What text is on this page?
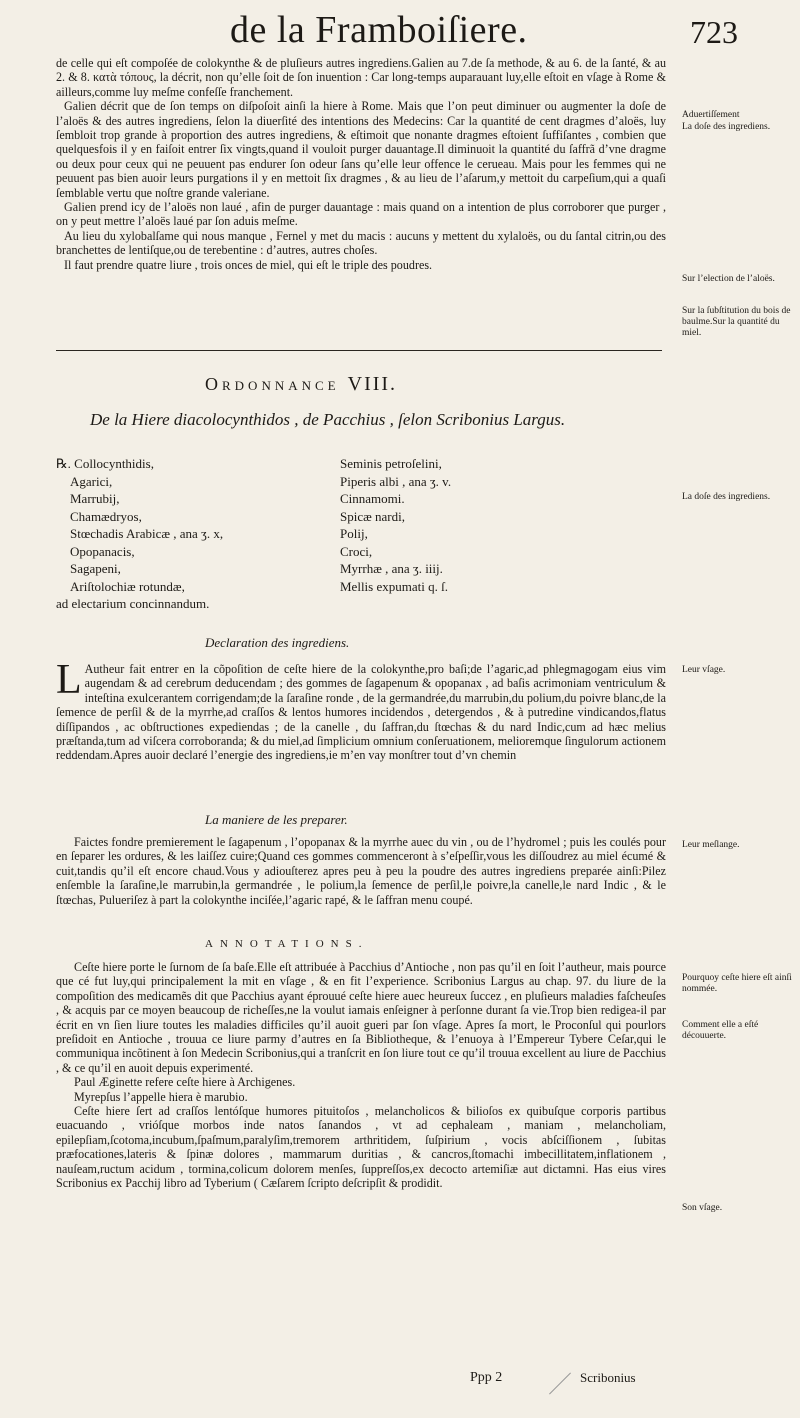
de la Framboiſiere.	723

de celle qui eſt compoſée de colokynthe & de pluſieurs autres ingrediens.Galien au 7.de ſa methode, & au 6. de la ſanté, & au 2. & 8. κατὰ τόπους, la décrit, non qu’elle ſoit de ſon inuention : Car long-temps auparauant luy,elle eſtoit en vſage à Rome & ailleurs,comme luy meſme confeſſe franchement.

Galien décrit que de ſon temps on diſpoſoit ainſi la hiere à Rome. Mais que l’on peut diminuer ou augmenter la doſe de l’aloës & des autres ingrediens, ſelon la diuerſité des intentions des Medecins: Car la quantité de cent dragmes d’aloës, luy ſembloit trop grande à proportion des autres ingrediens, & eſtimoit que nonante dragmes eſtoient ſuffiſantes , combien que quelquesfois il y en faiſoit entrer ſix vingts,quand il vouloit purger dauantage.Il diminuoit la quantité du ſaffrã d’vne dragme ou deux pour ceux qui ne peuuent pas endurer ſon odeur ſans qu’elle leur offence le cerueau. Mais pour les femmes qui ne peuuent pas bien auoir leurs purgations il y en mettoit ſix dragmes , & au lieu de l’aſarum,y mettoit du carpeſium,qui a quaſi ſemblable vertu que noſtre grande valeriane.

Galien prend icy de l’aloës non laué , afin de purger dauantage : mais quand on a intention de plus corroborer que purger , on y peut mettre l’aloës laué par ſon aduis meſme.

Au lieu du xylobalſame qui nous manque , Fernel y met du macis : aucuns y mettent du xylaloës, ou du ſantal citrin,ou des branchettes de lentiſque,ou de terebentine : d’autres, autres choſes.

Il faut prendre quatre liure , trois onces de miel, qui eſt le triple des poudres.

Ordonnance VIII.
De la Hiere diacolocynthidos , de Pacchius , ſelon Scribonius Largus.
℞. Collocynthidis,
Agarici,
Marrubij,
Chamædryos,
Stœchadis Arabicæ , ana ʒ. x,
Opopanacis,
Sagapeni,
Ariſtolochiæ rotundæ,
ad electarium concinnandum.
Seminis petroſelini,
Piperis albi , ana ʒ. v.
Cinnamomi.
Spicæ nardi,
Polij,
Croci,
Myrrhæ , ana ʒ. iiij.
Mellis expumati q. ſ.
Declaration des ingrediens.

L Autheur fait entrer en la cõpoſition de ceſte hiere de la colokynthe,pro baſi;de l’agaric,ad phlegmagogam eius vim augendam & ad cerebrum deducendam ; des gommes de ſagapenum & opopanax , ad baſis acrimoniam ventriculum & inteſtina exulcerantem corrigendam;de la ſaraſine ronde , de la germandrée,du marrubin,du polium,du poivre blanc,de la ſemence de perſil & de la myrrhe,ad craſſos & lentos humores incidendos , detergendos , & à putredine vindicandos,flatus diſſipandos , ac obſtructiones expediendas ; de la canelle , du ſaffran,du ſtœchas & du nard Indic,cum ad hæc melius præſtanda,tum ad viſcera corroboranda; & du miel,ad ſimplicium omnium conſeruationem, melioremque ſingulorum actionem reddendam.Apres auoir declaré l’energie des ingrediens,ie m’en vay monſtrer tout d’vn chemin

La maniere de les preparer.

Faictes fondre premierement le ſagapenum , l’opopanax & la myrrhe auec du vin , ou de l’hydromel ; puis les coulés pour en ſeparer les ordures, & les laiſſez cuire;Quand ces gommes commenceront à s’eſpeſſir,vous les diſſoudrez au miel écumé & cuit,tandis qu’il eſt encore chaud.Vous y adiouſterez apres peu à peu la poudre des autres ingrediens preparée ainſi:Pilez enſemble la ſaraſine,le marrubin,la germandrée , le polium,la ſemence de perſil,le poivre,la canelle,le nard Indic , & le ſtœchas, Pulueriſez à part la colokynthe inciſée,l’agaric rapé, & le ſaffran menu coupé.

ANNOTATIONS.

Ceſte hiere porte le ſurnom de ſa baſe.Elle eſt attribuée à Pacchius d’Antioche , non pas qu’il en ſoit l’autheur, mais pource que cé fut luy,qui principalement la mit en vſage , & en fit l’experience. Scribonius Largus au chap. 97. du liure de la compoſition des medicamẽs dit que Pacchius ayant éprouué ceſte hiere auec heureux ſuccez , en pluſieurs maladies faſcheuſes , & acquis par ce moyen beaucoup de richeſſes,ne la voulut iamais enſeigner à perſonne durant ſa vie.Trop bien redigea-il par écrit en vn ſien liure toutes les maladies difficiles qu’il auoit gueri par ſon vſage. Apres ſa mort, le Proconſul qui pourlors preſidoit en Antioche , trouua ce liure parmy d’autres en ſa Bibliotheque, & l’enuoya à l’Empereur Tybere Ceſar,qui le communiqua incõtinent à ſon Medecin Scribonius,qui a tranſcrit en ſon liure tout ce qu’il trouua excellent au liure de Pacchius , & ce qu’il en auoit depuis experimenté.

Paul Æginette refere ceſte hiere à Archigenes.

Myrepſus l’appelle hiera è marubio.

Ceſte hiere ſert ad craſſos lentóſque humores pituitoſos , melancholicos & bilioſos ex quibuſque corporis partibus euacuando , vrióſque morbos inde natos ſanandos , vt ad cephaleam , maniam , melancholiam, epilepſiam,ſcotoma,incubum,ſpaſmum,paralyſim,tremorem arthritidem, ſuſpirium , vocis abſciſſionem , ſubitas præfocationes,lateris & ſpinæ dolores , mammarum duritias , & cancros,ſtomachi imbecillitatem,inflationem , nauſeam,ructum acidum , tormina,colicum dolorem menſes, ſuppreſſos,ex decocto artemiſiæ aut dictamni. Has eius vires Scribonius ex Pacchij libro ad Tyberium ( Cæſarem ſcripto deſcripſit & prodidit.

Aduertiſſement
La doſe des ingrediens.
Sur l’election de l’aloës.
Sur la ſubſtitution du bois de baulme.Sur la quantité du miel.
La doſe des ingrediens.
Leur vſage.
Leur meſlange.
Pourquoy ceſte hiere eſt ainſi nommée.
Comment elle a eſté découuerte.
Son vſage.
Ppp 2	Scribonius
